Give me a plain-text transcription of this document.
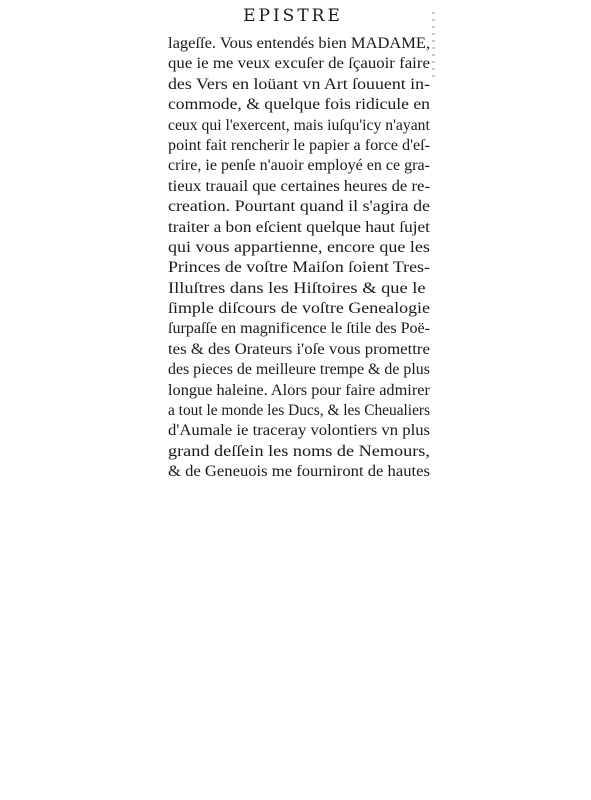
EPISTRE
lageſſe. Vous entendés bien MADAME,
que ie me veux excuſer de ſçauoir faire
des Vers en loüant vn Art ſouuent in-
commode, & quelque fois ridicule en
ceux qui l'exercent, mais iuſqu'icy n'ayant
point fait rencherir le papier a force d'eſ-
crire, ie penſe n'auoir employé en ce gra-
tieux trauail que certaines heures de re-
creation. Pourtant quand il s'agira de
traiter a bon eſcient quelque haut ſujet
qui vous appartienne, encore que les
Princes de voſtre Maiſon ſoient Tres-
Illuſtres dans les Hiſtoires & que le
ſimple diſcours de voſtre Genealogie
ſurpaſſe en magnificence le ſtile des Poë-
tes & des Orateurs i'oſe vous promettre
des pieces de meilleure trempe & de plus
longue haleine. Alors pour faire admirer
a tout le monde les Ducs, & les Cheualiers
d'Aumale ie traceray volontiers vn plus
grand deſſein les noms de Nemours,
& de Geneuois me fourniront de hautes
